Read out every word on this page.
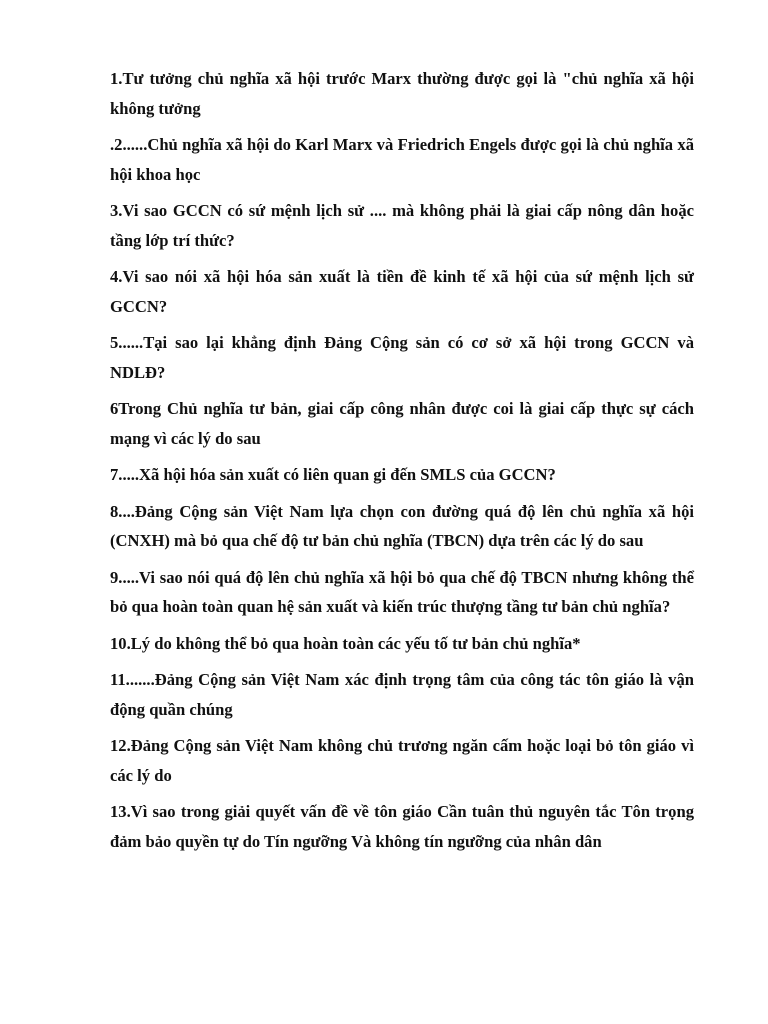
1.Tư tưởng chủ nghĩa xã hội trước Marx thường được gọi là "chủ nghĩa xã hội không tưởng

.2......Chủ nghĩa xã hội do Karl Marx và Friedrich Engels được gọi là chủ nghĩa xã hội khoa học

3.Vi sao GCCN có sứ mệnh lịch sử .... mà không phải là giai cấp nông dân hoặc tầng lớp trí thức?

4.Vi sao nói xã hội hóa sản xuất là tiền đề kinh tế xã hội của sứ mệnh lịch sử GCCN?

5......Tại sao lại khẳng định Đảng Cộng sản có cơ sở xã hội trong GCCN và NDLĐ?

6Trong Chủ nghĩa tư bản, giai cấp công nhân được coi là giai cấp thực sự cách mạng vì các lý do sau

7.....Xã hội hóa sản xuất có liên quan gi đến SMLS của GCCN?

8....Đảng Cộng sản Việt Nam lựa chọn con đường quá độ lên chủ nghĩa xã hội (CNXH) mà bỏ qua chế độ tư bản chủ nghĩa (TBCN) dựa trên các lý do sau

9.....Vi sao nói quá độ lên chủ nghĩa xã hội bỏ qua chế độ TBCN nhưng không thể bỏ qua hoàn toàn quan hệ sản xuất và kiến trúc thượng tầng tư bản chủ nghĩa?

10.Lý do không thể bỏ qua hoàn toàn các yếu tố tư bản chủ nghĩa*

11.......Đảng Cộng sản Việt Nam xác định trọng tâm của công tác tôn giáo là vận động quần chúng

12.Đảng Cộng sản Việt Nam không chủ trương ngăn cấm hoặc loại bỏ tôn giáo vì các lý do

13.Vì sao trong giải quyết vấn đề về tôn giáo Cần tuân thủ nguyên tắc Tôn trọng đảm bảo quyền tự do Tín ngưỡng Và không tín ngưỡng của nhân dân
